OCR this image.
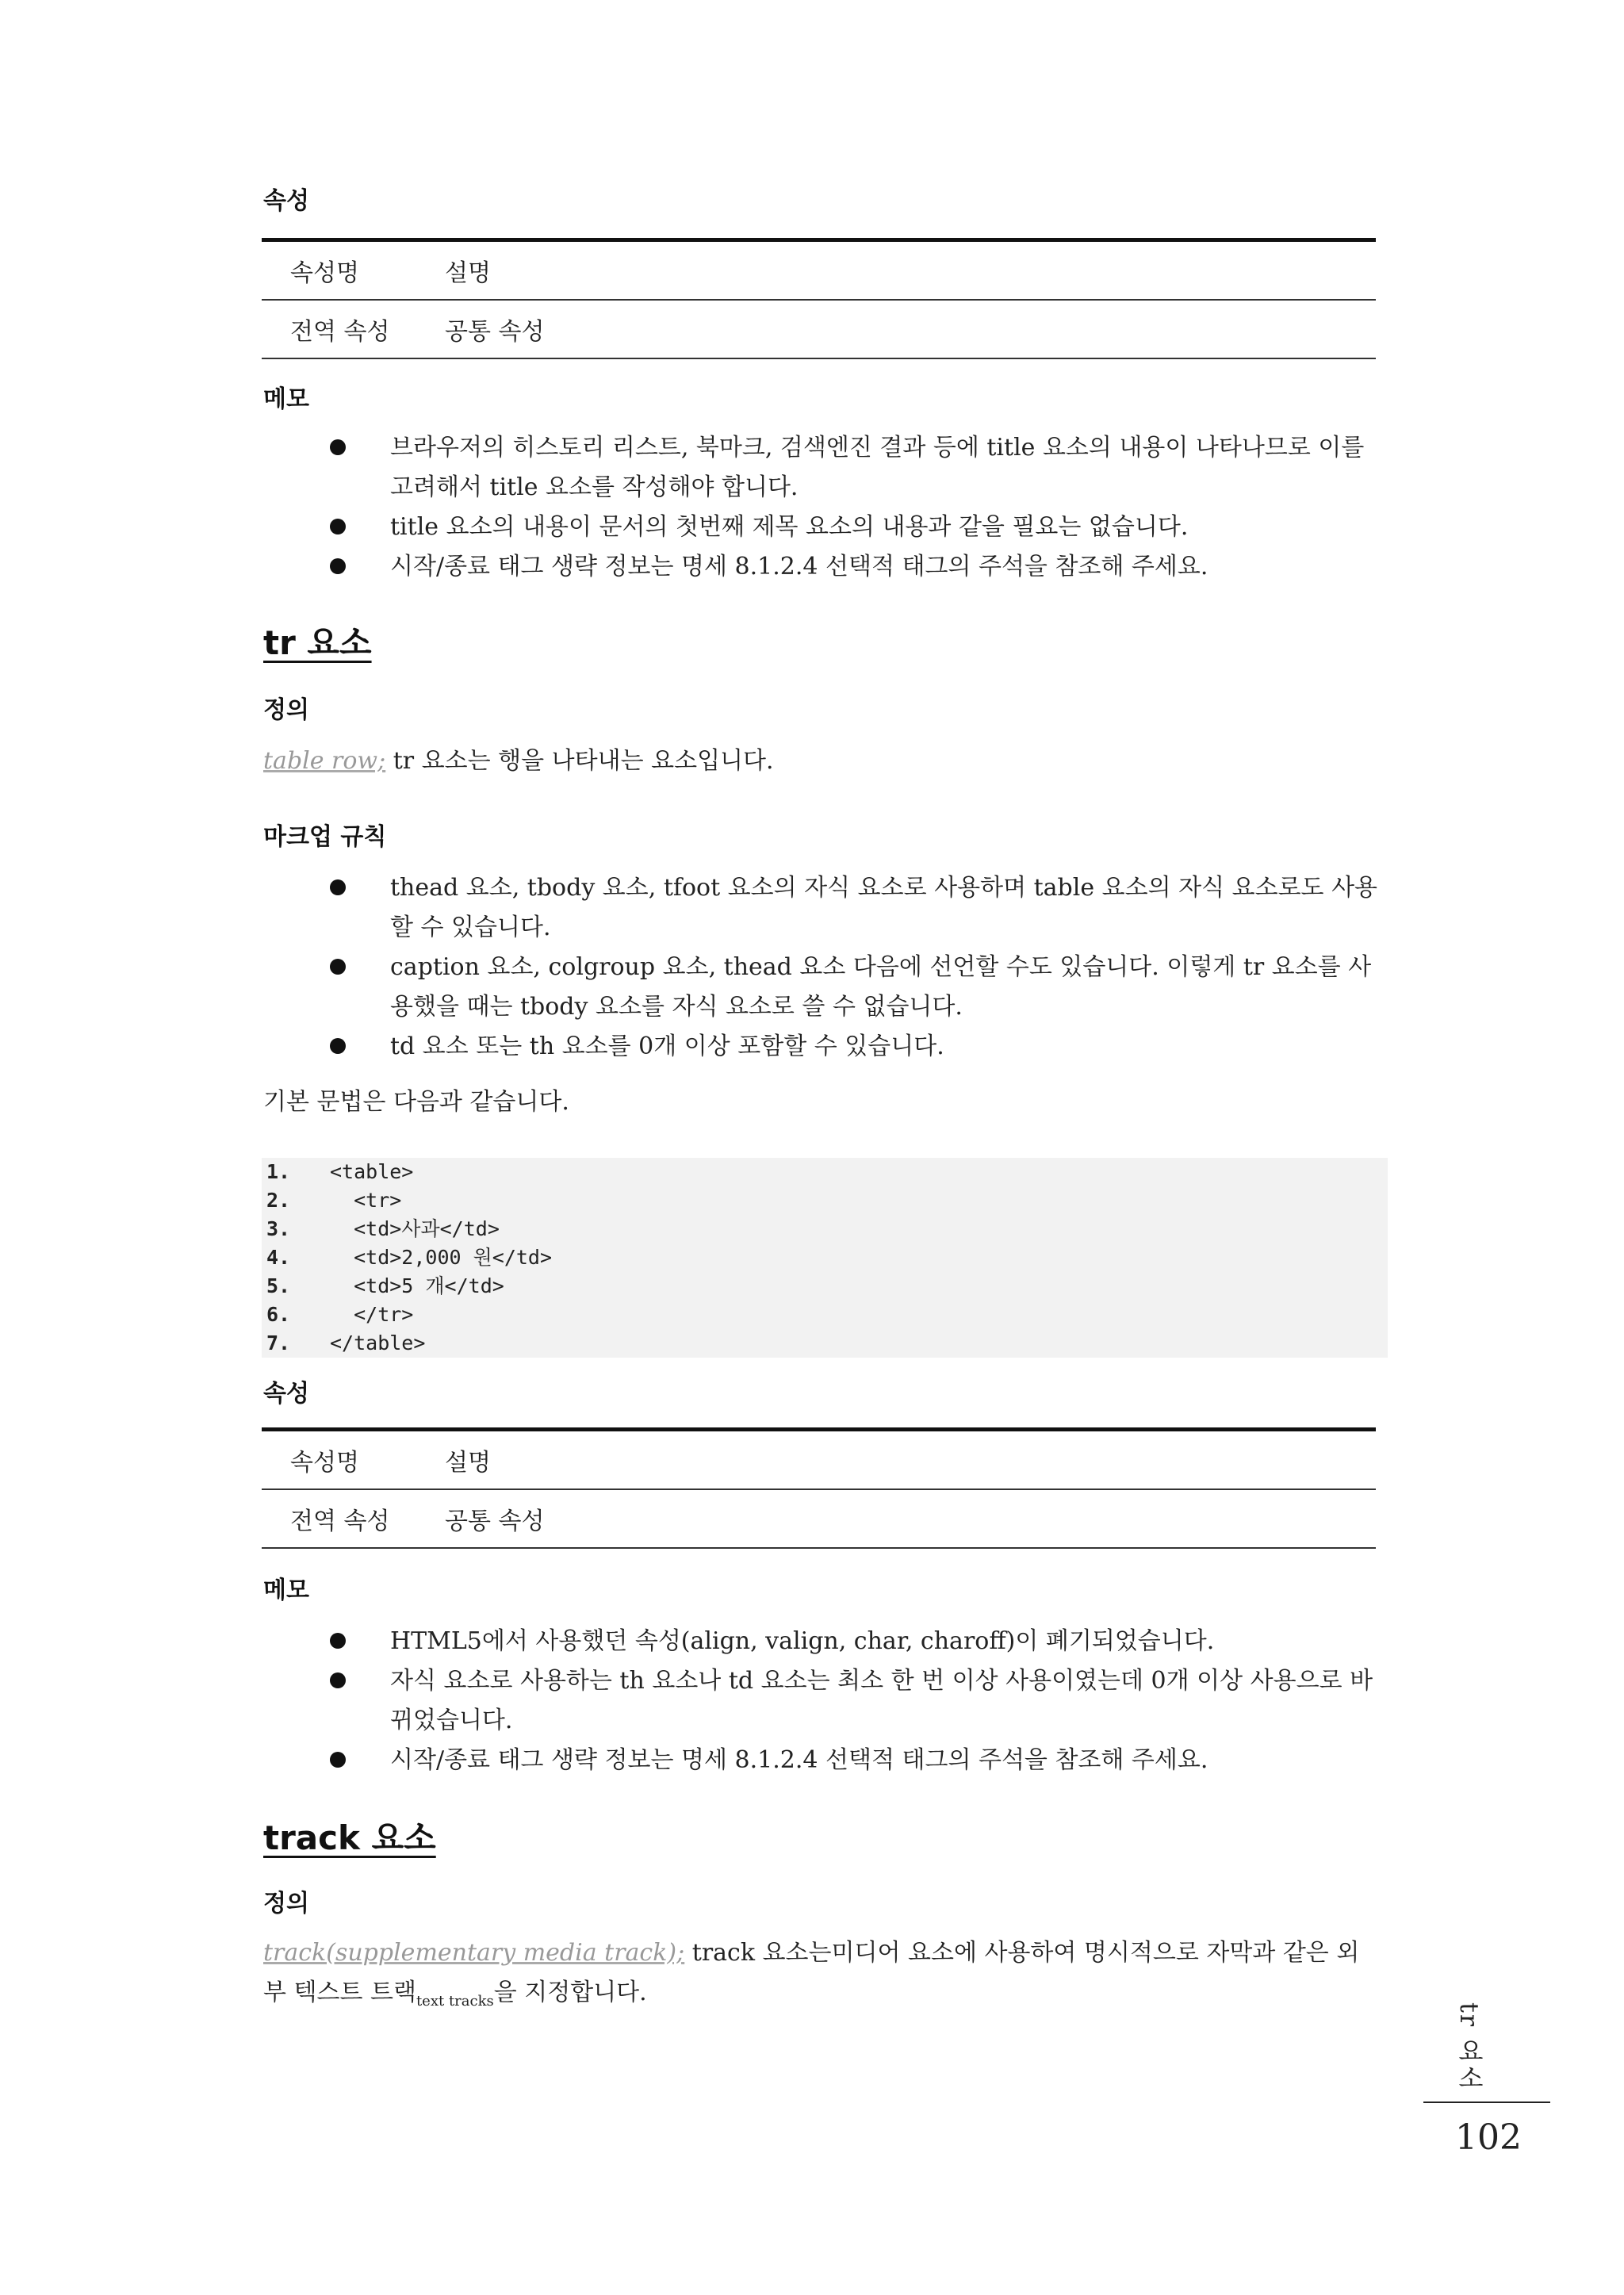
속성
속성명	설명
전역 속성	공통 속성
메모
브라우저의 히스토리 리스트, 북마크, 검색엔진 결과 등에 title 요소의 내용이 나타나므로 이를 고려해서 title 요소를 작성해야 합니다.
title 요소의 내용이 문서의 첫번째 제목 요소의 내용과 같을 필요는 없습니다.
시작/종료 태그 생략 정보는 명세 8.1.2.4 선택적 태그의 주석을 참조해 주세요.
tr 요소
정의

table row; tr 요소는 행을 나타내는 요소입니다.

마크업 규칙
thead 요소, tbody 요소, tfoot 요소의 자식 요소로 사용하며 table 요소의 자식 요소로도 사용할 수 있습니다.
caption 요소, colgroup 요소, thead 요소 다음에 선언할 수도 있습니다. 이렇게 tr 요소를 사용했을 때는 tbody 요소를 자식 요소로 쓸 수 없습니다.
td 요소 또는 th 요소를 0개 이상 포함할 수 있습니다.

기본 문법은 다음과 같습니다.

1. <table>
2.  <tr>
3.  <td>사과</td>
4.  <td>2,000 원</td>
5.  <td>5 개</td>
6.  </tr>
7. </table>
속성
속성명	설명
전역 속성	공통 속성
메모
HTML5에서 사용했던 속성(align, valign, char, charoff)이 폐기되었습니다.
자식 요소로 사용하는 th 요소나 td 요소는 최소 한 번 이상 사용이였는데 0개 이상 사용으로 바뀌었습니다.
시작/종료 태그 생략 정보는 명세 8.1.2.4 선택적 태그의 주석을 참조해 주세요.
track 요소
정의

track(supplementary media track); track 요소는미디어 요소에 사용하여 명시적으로 자막과 같은 외부 텍스트 트랙$_{text tracks}$을 지정합니다.

tr 요소
102
